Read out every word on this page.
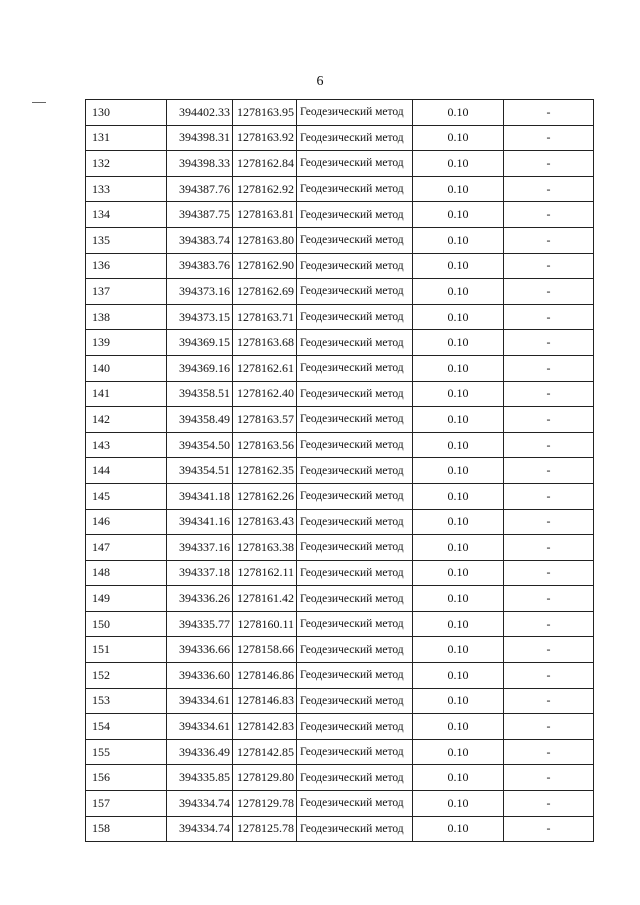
6
130	394402.33	1278163.95	Геодезический метод	0.10	-
131	394398.31	1278163.92	Геодезический метод	0.10	-
132	394398.33	1278162.84	Геодезический метод	0.10	-
133	394387.76	1278162.92	Геодезический метод	0.10	-
134	394387.75	1278163.81	Геодезический метод	0.10	-
135	394383.74	1278163.80	Геодезический метод	0.10	-
136	394383.76	1278162.90	Геодезический метод	0.10	-
137	394373.16	1278162.69	Геодезический метод	0.10	-
138	394373.15	1278163.71	Геодезический метод	0.10	-
139	394369.15	1278163.68	Геодезический метод	0.10	-
140	394369.16	1278162.61	Геодезический метод	0.10	-
141	394358.51	1278162.40	Геодезический метод	0.10	-
142	394358.49	1278163.57	Геодезический метод	0.10	-
143	394354.50	1278163.56	Геодезический метод	0.10	-
144	394354.51	1278162.35	Геодезический метод	0.10	-
145	394341.18	1278162.26	Геодезический метод	0.10	-
146	394341.16	1278163.43	Геодезический метод	0.10	-
147	394337.16	1278163.38	Геодезический метод	0.10	-
148	394337.18	1278162.11	Геодезический метод	0.10	-
149	394336.26	1278161.42	Геодезический метод	0.10	-
150	394335.77	1278160.11	Геодезический метод	0.10	-
151	394336.66	1278158.66	Геодезический метод	0.10	-
152	394336.60	1278146.86	Геодезический метод	0.10	-
153	394334.61	1278146.83	Геодезический метод	0.10	-
154	394334.61	1278142.83	Геодезический метод	0.10	-
155	394336.49	1278142.85	Геодезический метод	0.10	-
156	394335.85	1278129.80	Геодезический метод	0.10	-
157	394334.74	1278129.78	Геодезический метод	0.10	-
158	394334.74	1278125.78	Геодезический метод	0.10	-
